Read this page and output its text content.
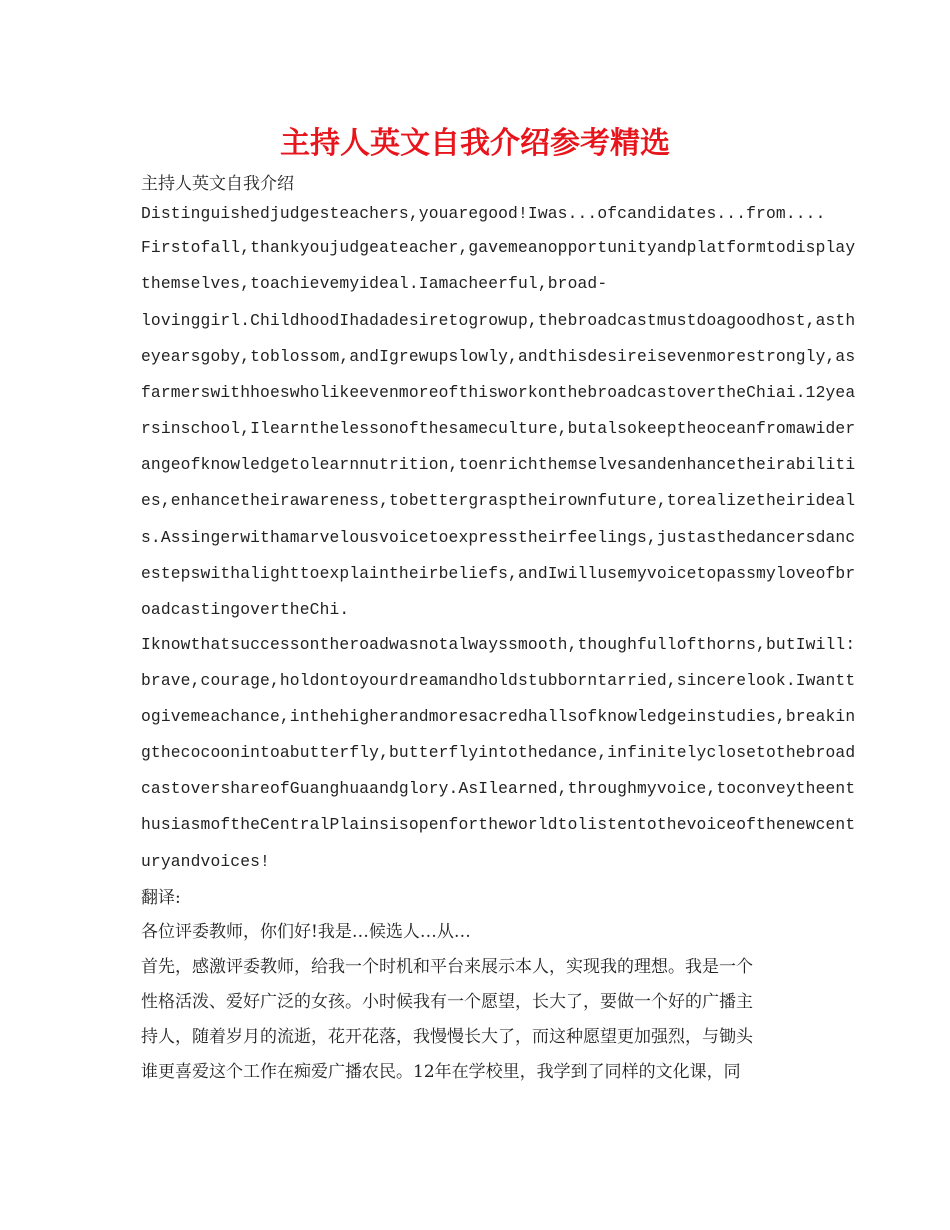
主持人英文自我介绍参考精选
主持人英文自我介绍
Distinguishedjudgesteachers,youaregood!Iwas...ofcandidates...from....
Firstofall,thankyoujudgeateacher,gavemeanopportunityandplatformtodisplay
themselves,toachievemyideal.Iamacheerful,broad-
lovinggirl.ChildhoodIhadadesiretogrowup,thebroadcastmustdoagoodhost,asth
eyearsgoby,toblossom,andIgrewupslowly,andthisdesireisevenmorestrongly,as
farmerswithhoeswholikeevenmoreofthisworkonthebroadcastovertheChiai.12yea
rsinschool,Ilearnthelessonofthesameculture,butalsokeeptheoceanfromawider
angeofknowledgetolearnnutrition,toenrichthemselvesandenhancetheirabiliti
es,enhancetheirawareness,tobettergrasptheirownfuture,torealizetheirideal
s.Assingerwithamarvelousvoicetoexpresstheirfeelings,justasthedancersdanc
estepswithalighttoexplaintheirbeliefs,andIwillusemyvoicetopassmyloveofbr
oadcastingovertheChi.
Iknowthatsuccessontheroadwasnotalwayssmooth,thoughfullofthorns,butIwill:
brave,courage,holdontoyourdreamandholdstubborntarried,sincerelook.Iwantt
ogivemeachance,inthehigherandmoresacredhallsofknowledgeinstudies,breakin
gthecocoonintoabutterfly,butterflyintothedance,infinitelyclosetothebroad
castovershareofGuanghuaandglory.AsIlearned,throughmyvoice,toconveytheent
husiasmoftheCentralPlainsisopenfortheworldtolistentothevoiceofthenewcent
uryandvoices!
翻译:
各位评委教师，你们好!我是…候选人…从…
首先，感激评委教师，给我一个时机和平台来展示本人，实现我的理想。我是一个
性格活泼、爱好广泛的女孩。小时候我有一个愿望，长大了，要做一个好的广播主
持人，随着岁月的流逝，花开花落，我慢慢长大了，而这种愿望更加强烈，与锄头
谁更喜爱这个工作在痴爱广播农民。12年在学校里，我学到了同样的文化课，同
